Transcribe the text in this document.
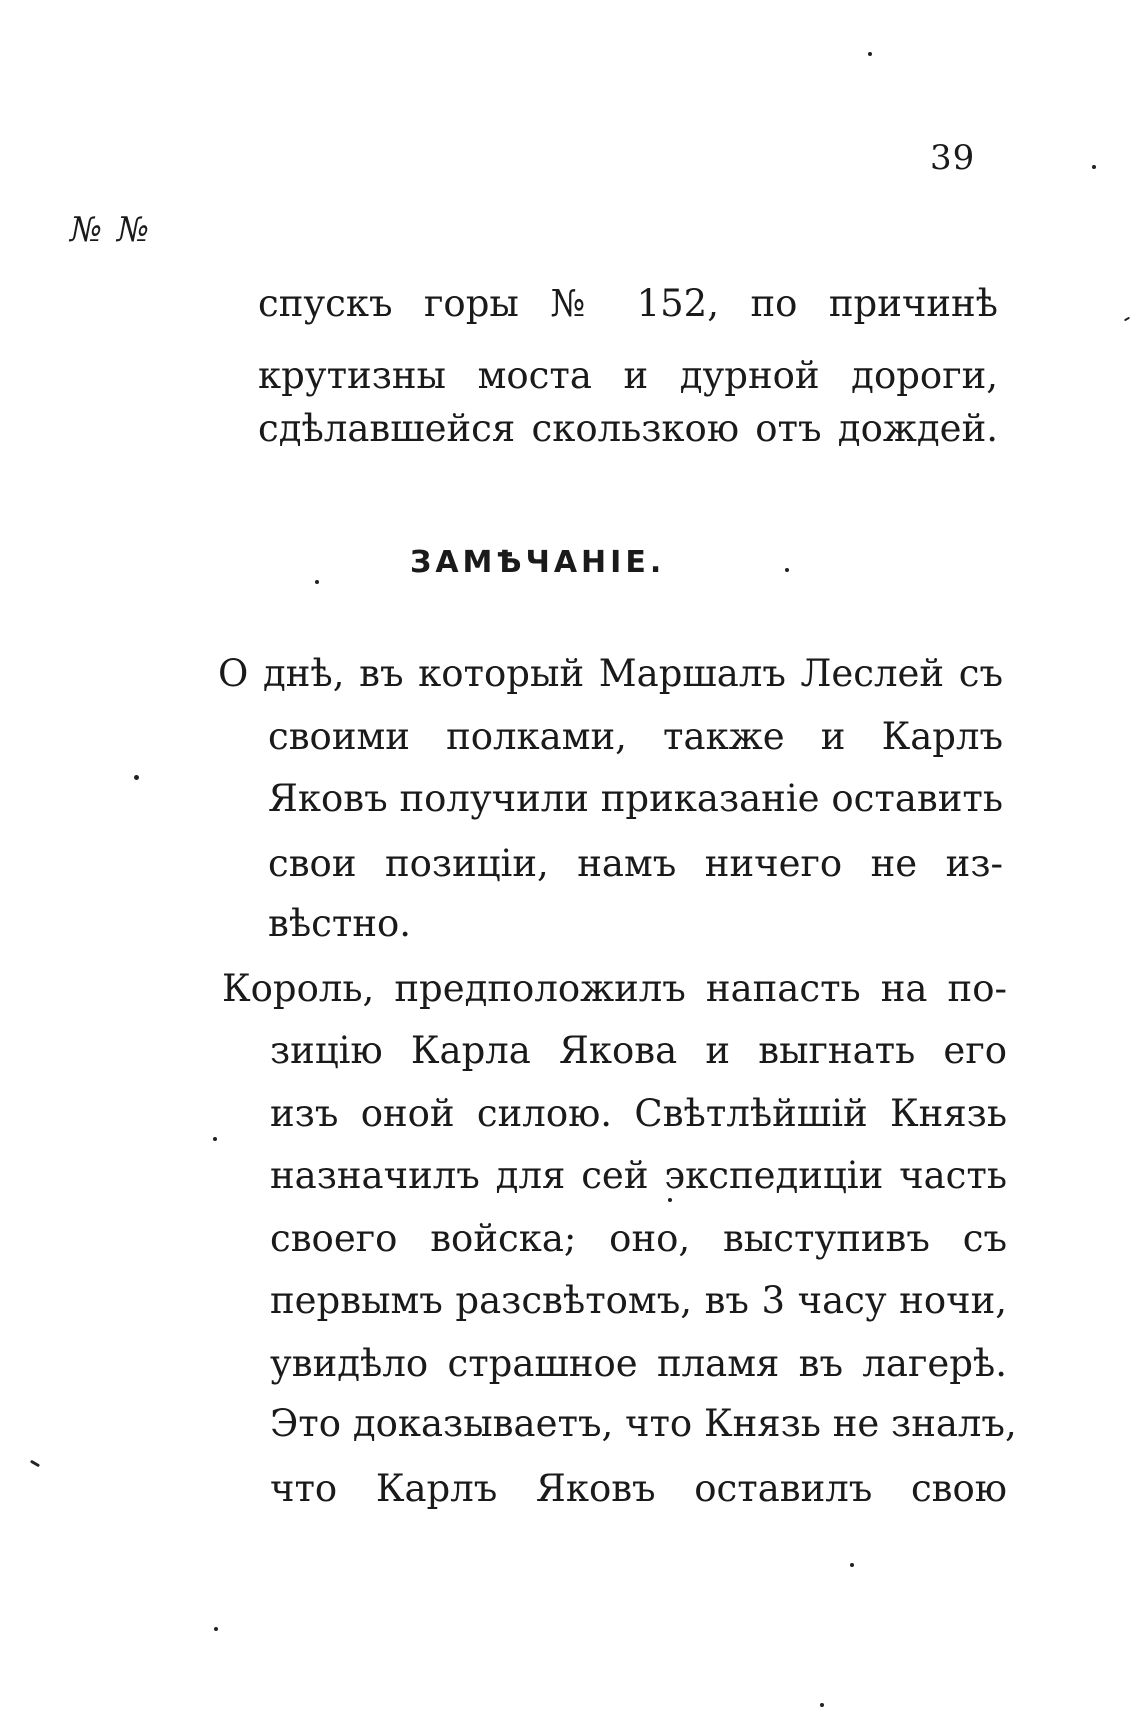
39
№ №
спускъ горы № 152, по причинѣ
крутизны моста и дурной дороги,
сдѣлавшейся скользкою отъ дождей.
ЗАМѢЧАНІЕ.
О днѣ, въ который Маршалъ Леслей съ
своими полками, также и Карлъ
Яковъ получили приказаніе оставить
свои позиціи, намъ ничего не из-
вѣстно.
Король, предположилъ напасть на по-
зицію Карла Якова и выгнать его
изъ оной силою. Свѣтлѣйшій Князь
назначилъ для сей экспедиціи часть
своего войска; оно, выступивъ съ
первымъ разсвѣтомъ, въ 3 часу ночи,
увидѣло страшное пламя въ лагерѣ.
Это доказываетъ, что Князь не зналъ,
что Карлъ Яковъ оставилъ свою
